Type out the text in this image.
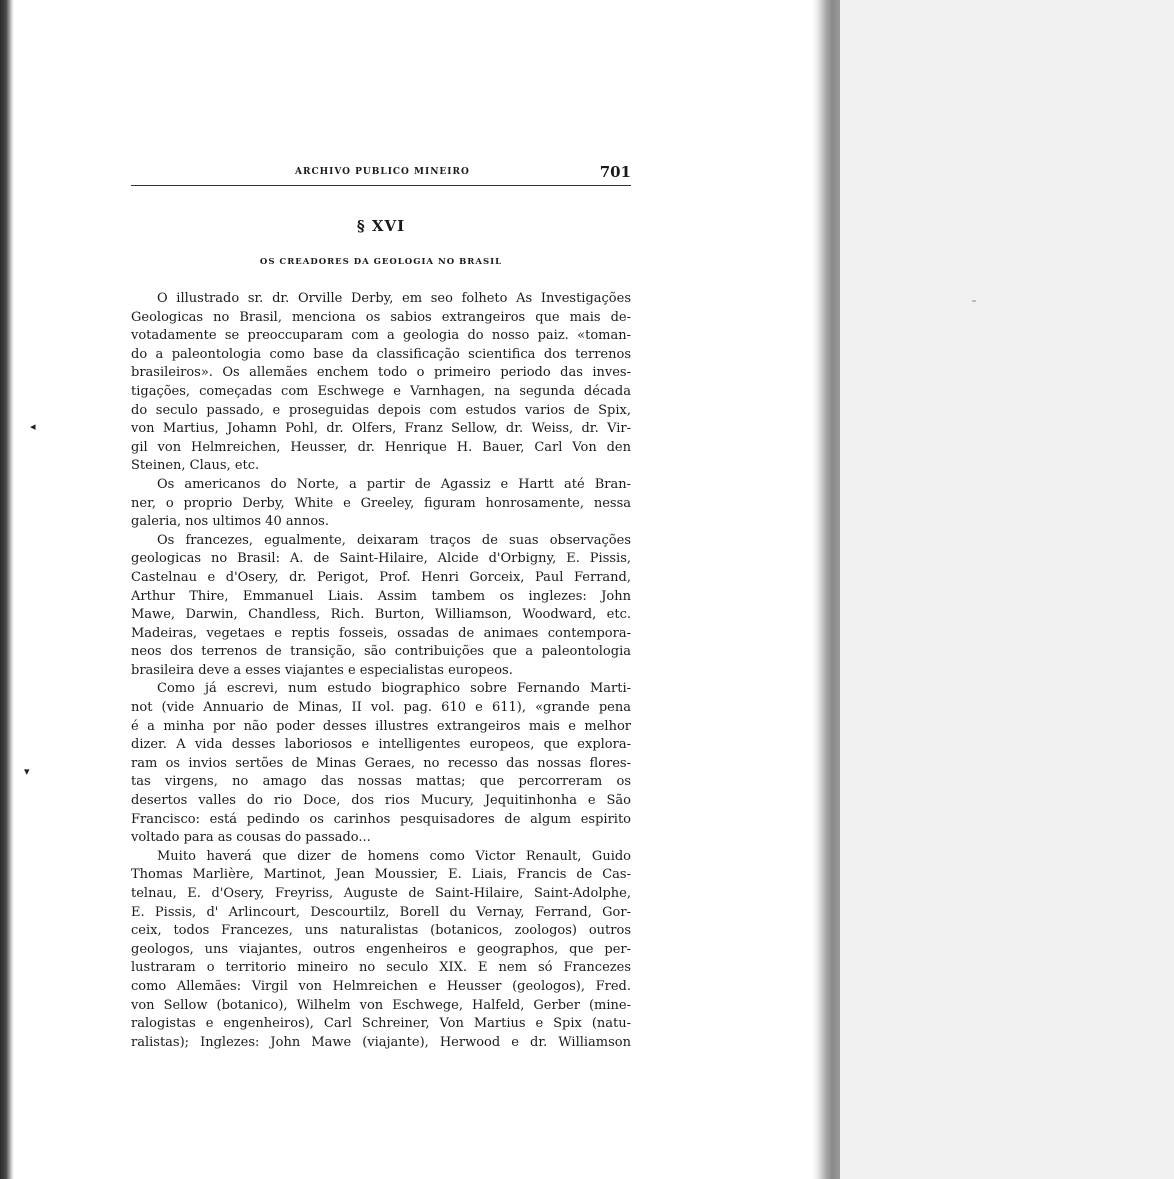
◂
▾
ARCHIVO PUBLICO MINEIRO	701
§ XVI
OS CREADORES DA GEOLOGIA NO BRASIL
O illustrado sr. dr. Orville Derby, em seo folheto As Investigações
Geologicas no Brasil, menciona os sabios extrangeiros que mais de-
votadamente se preoccuparam com a geologia do nosso paiz. «toman-
do a paleontologia como base da classificação scientifica dos terrenos
brasileiros». Os allemães enchem todo o primeiro periodo das inves-
tigações, começadas com Eschwege e Varnhagen, na segunda década
do seculo passado, e proseguidas depois com estudos varios de Spix,
von Martius, Johamn Pohl, dr. Olfers, Franz Sellow, dr. Weiss, dr. Vir-
gil von Helmreichen, Heusser, dr. Henrique H. Bauer, Carl Von den
Steinen, Claus, etc.
Os americanos do Norte, a partir de Agassiz e Hartt até Bran-
ner, o proprio Derby, White e Greeley, figuram honrosamente, nessa
galeria, nos ultimos 40 annos.
Os francezes, egualmente, deixaram traços de suas observações
geologicas no Brasil: A. de Saint-Hilaire, Alcide d'Orbigny, E. Pissis,
Castelnau e d'Osery, dr. Perigot, Prof. Henri Gorceix, Paul Ferrand,
Arthur Thire, Emmanuel Liais. Assim tambem os inglezes: John
Mawe, Darwin, Chandless, Rich. Burton, Williamson, Woodward, etc.
Madeiras, vegetaes e reptis fosseis, ossadas de animaes contempora-
neos dos terrenos de transição, são contribuições que a paleontologia
brasileira deve a esses viajantes e especialistas europeos.
Como já escrevi, num estudo biographico sobre Fernando Marti-
not (vide Annuario de Minas, II vol. pag. 610 e 611), «grande pena
é a minha por não poder desses illustres extrangeiros mais e melhor
dizer. A vida desses laboriosos e intelligentes europeos, que explora-
ram os invios sertões de Minas Geraes, no recesso das nossas flores-
tas virgens, no amago das nossas mattas; que percorreram os
desertos valles do rio Doce, dos rios Mucury, Jequitinhonha e São
Francisco: está pedindo os carinhos pesquisadores de algum espirito
voltado para as cousas do passado...
Muito haverá que dizer de homens como Victor Renault, Guido
Thomas Marlière, Martinot, Jean Moussier, E. Liais, Francis de Cas-
telnau, E. d'Osery, Freyriss, Auguste de Saint-Hilaire, Saint-Adolphe,
E. Pissis, d' Arlincourt, Descourtilz, Borell du Vernay, Ferrand, Gor-
ceix, todos Francezes, uns naturalistas (botanicos, zoologos) outros
geologos, uns viajantes, outros engenheiros e geographos, que per-
lustraram o territorio mineiro no seculo XIX. E nem só Francezes
como Allemães: Virgil von Helmreichen e Heusser (geologos), Fred.
von Sellow (botanico), Wilhelm von Eschwege, Halfeld, Gerber (mine-
ralogistas e engenheiros), Carl Schreiner, Von Martius e Spix (natu-
ralistas); Inglezes: John Mawe (viajante), Herwood e dr. Williamson
